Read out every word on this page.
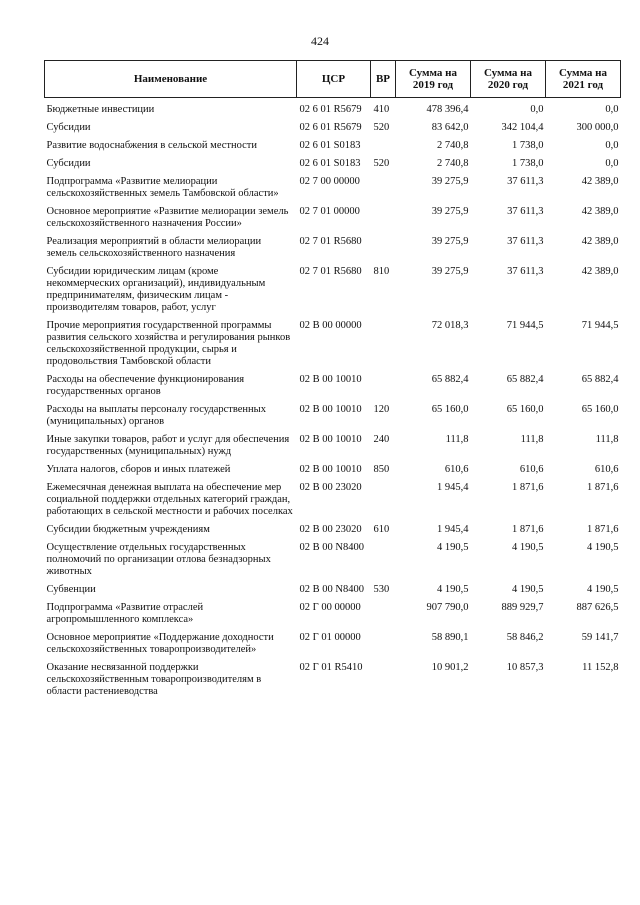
424
Наименование	ЦСР	ВР	Сумма на 2019 год	Сумма на 2020 год	Сумма на 2021 год
Бюджетные инвестиции	02 6 01 R5679	410	478 396,4	0,0	0,0
Субсидии	02 6 01 R5679	520	83 642,0	342 104,4	300 000,0
Развитие водоснабжения в сельской местности	02 6 01 S0183		2 740,8	1 738,0	0,0
Субсидии	02 6 01 S0183	520	2 740,8	1 738,0	0,0
Подпрограмма «Развитие мелиорации сельскохозяйственных земель Тамбовской области»	02 7 00 00000		39 275,9	37 611,3	42 389,0
Основное мероприятие «Развитие мелиорации земель сельскохозяйственного назначения России»	02 7 01 00000		39 275,9	37 611,3	42 389,0
Реализация мероприятий в области мелиорации земель сельскохозяйственного назначения	02 7 01 R5680		39 275,9	37 611,3	42 389,0
Субсидии юридическим лицам (кроме некоммерческих организаций), индивидуальным предпринимателям, физическим лицам - производителям товаров, работ, услуг	02 7 01 R5680	810	39 275,9	37 611,3	42 389,0
Прочие мероприятия государственной программы развития сельского хозяйства и регулирования рынков сельскохозяйственной продукции, сырья и продовольствия Тамбовской области	02 В 00 00000		72 018,3	71 944,5	71 944,5
Расходы на обеспечение функционирования государственных органов	02 В 00 10010		65 882,4	65 882,4	65 882,4
Расходы на выплаты персоналу государственных (муниципальных) органов	02 В 00 10010	120	65 160,0	65 160,0	65 160,0
Иные закупки товаров, работ и услуг для обеспечения государственных (муниципальных) нужд	02 В 00 10010	240	111,8	111,8	111,8
Уплата налогов, сборов и иных платежей	02 В 00 10010	850	610,6	610,6	610,6
Ежемесячная денежная выплата на обеспечение мер социальной поддержки отдельных категорий граждан, работающих в сельской местности и рабочих поселках	02 В 00 23020		1 945,4	1 871,6	1 871,6
Субсидии бюджетным учреждениям	02 В 00 23020	610	1 945,4	1 871,6	1 871,6
Осуществление отдельных государственных полномочий по организации отлова безнадзорных животных	02 В 00 N8400		4 190,5	4 190,5	4 190,5
Субвенции	02 В 00 N8400	530	4 190,5	4 190,5	4 190,5
Подпрограмма «Развитие отраслей агропромышленного комплекса»	02 Г 00 00000		907 790,0	889 929,7	887 626,5
Основное мероприятие «Поддержание доходности сельскохозяйственных товаропроизводителей»	02 Г 01 00000		58 890,1	58 846,2	59 141,7
Оказание несвязанной поддержки сельскохозяйственным товаропроизводителям в области растениеводства	02 Г 01 R5410		10 901,2	10 857,3	11 152,8
